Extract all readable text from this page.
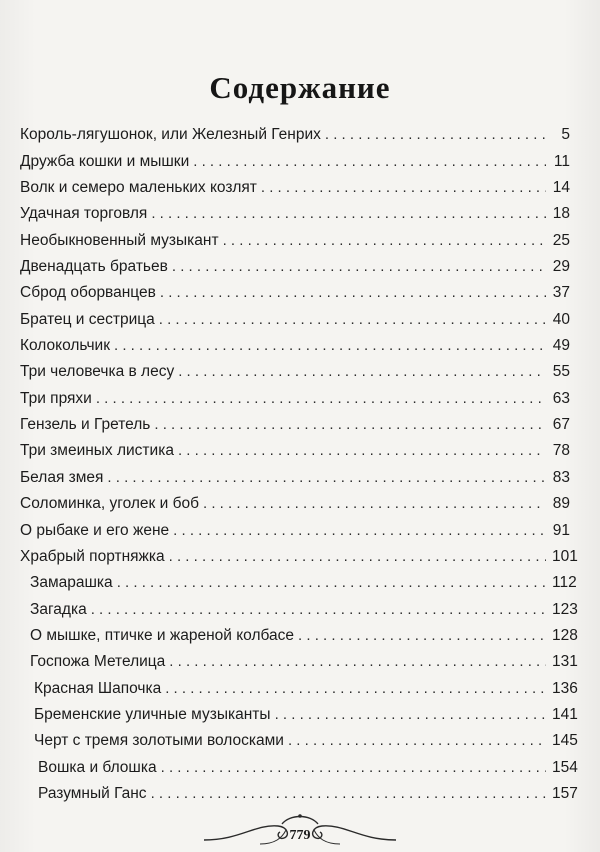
Содержание
Король-лягушонок, или Железный Генрих . . .	5
Дружба кошки и мышки . . .	11
Волк и семеро маленьких козлят . . .	14
Удачная торговля . . .	18
Необыкновенный музыкант . . .	25
Двенадцать братьев . . .	29
Сброд оборванцев . . .	37
Братец и сестрица . . .	40
Колокольчик . . .	49
Три человечка в лесу . . .	55
Три пряхи . . .	63
Гензель и Гретель . . .	67
Три змеиных листика . . .	78
Белая змея . . .	83
Соломинка, уголек и боб . . .	89
О рыбаке и его жене . . .	91
Храбрый портняжка . . .	101
Замарашка . . .	112
Загадка . . .	123
О мышке, птичке и жареной колбасе . . .	128
Госпожа Метелица . . .	131
Красная Шапочка . . .	136
Бременские уличные музыканты . . .	141
Черт с тремя золотыми волосками . . .	145
Вошка и блошка . . .	154
Разумный Ганс . . .	157
779
